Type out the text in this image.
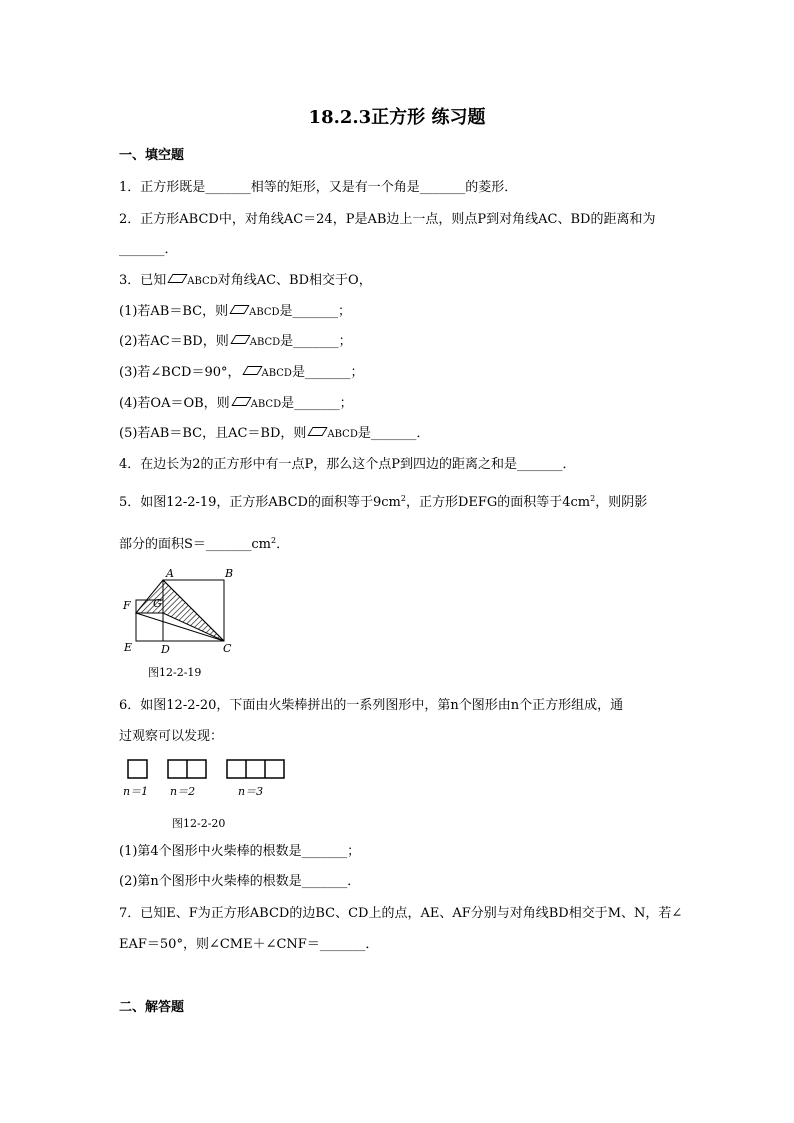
18.2.3正方形 练习题
一、填空题
1．正方形既是_______相等的矩形，又是有一个角是_______的菱形．
2．正方形ABCD中，对角线AC＝24，P是AB边上一点，则点P到对角线AC、BD的距离和为
_______．
3．已知 ABCD对角线AC、BD相交于O，
(1)若AB＝BC，则 ABCD是_______；
(2)若AC＝BD，则 ABCD是_______；
(3)若∠BCD＝90°， ABCD是_______；
(4)若OA＝OB，则 ABCD是_______；
(5)若AB＝BC，且AC＝BD，则 ABCD是_______．
4．在边长为2的正方形中有一点P，那么这个点P到四边的距离之和是_______．
5．如图12-2-19，正方形ABCD的面积等于$9cm^2$，正方形DEFG的面积等于$4cm^2$，则阴影
部分的面积$S=\_\_\_\_\_\_\_cm^2$．
A	B
C
D
E
F G
图12-2-19
6．如图12-2-20，下面由火柴棒拼出的一系列图形中，第n个图形由n个正方形组成，通
过观察可以发现：
n＝1 n＝2	n＝3
图12-2-20
(1)第4个图形中火柴棒的根数是_______；
(2)第n个图形中火柴棒的根数是_______．
7．已知E、F为正方形ABCD的边BC、CD上的点，AE、AF分别与对角线BD相交于M、N，若∠
EAF＝50°，则∠CME＋∠CNF＝_______．
二、解答题
